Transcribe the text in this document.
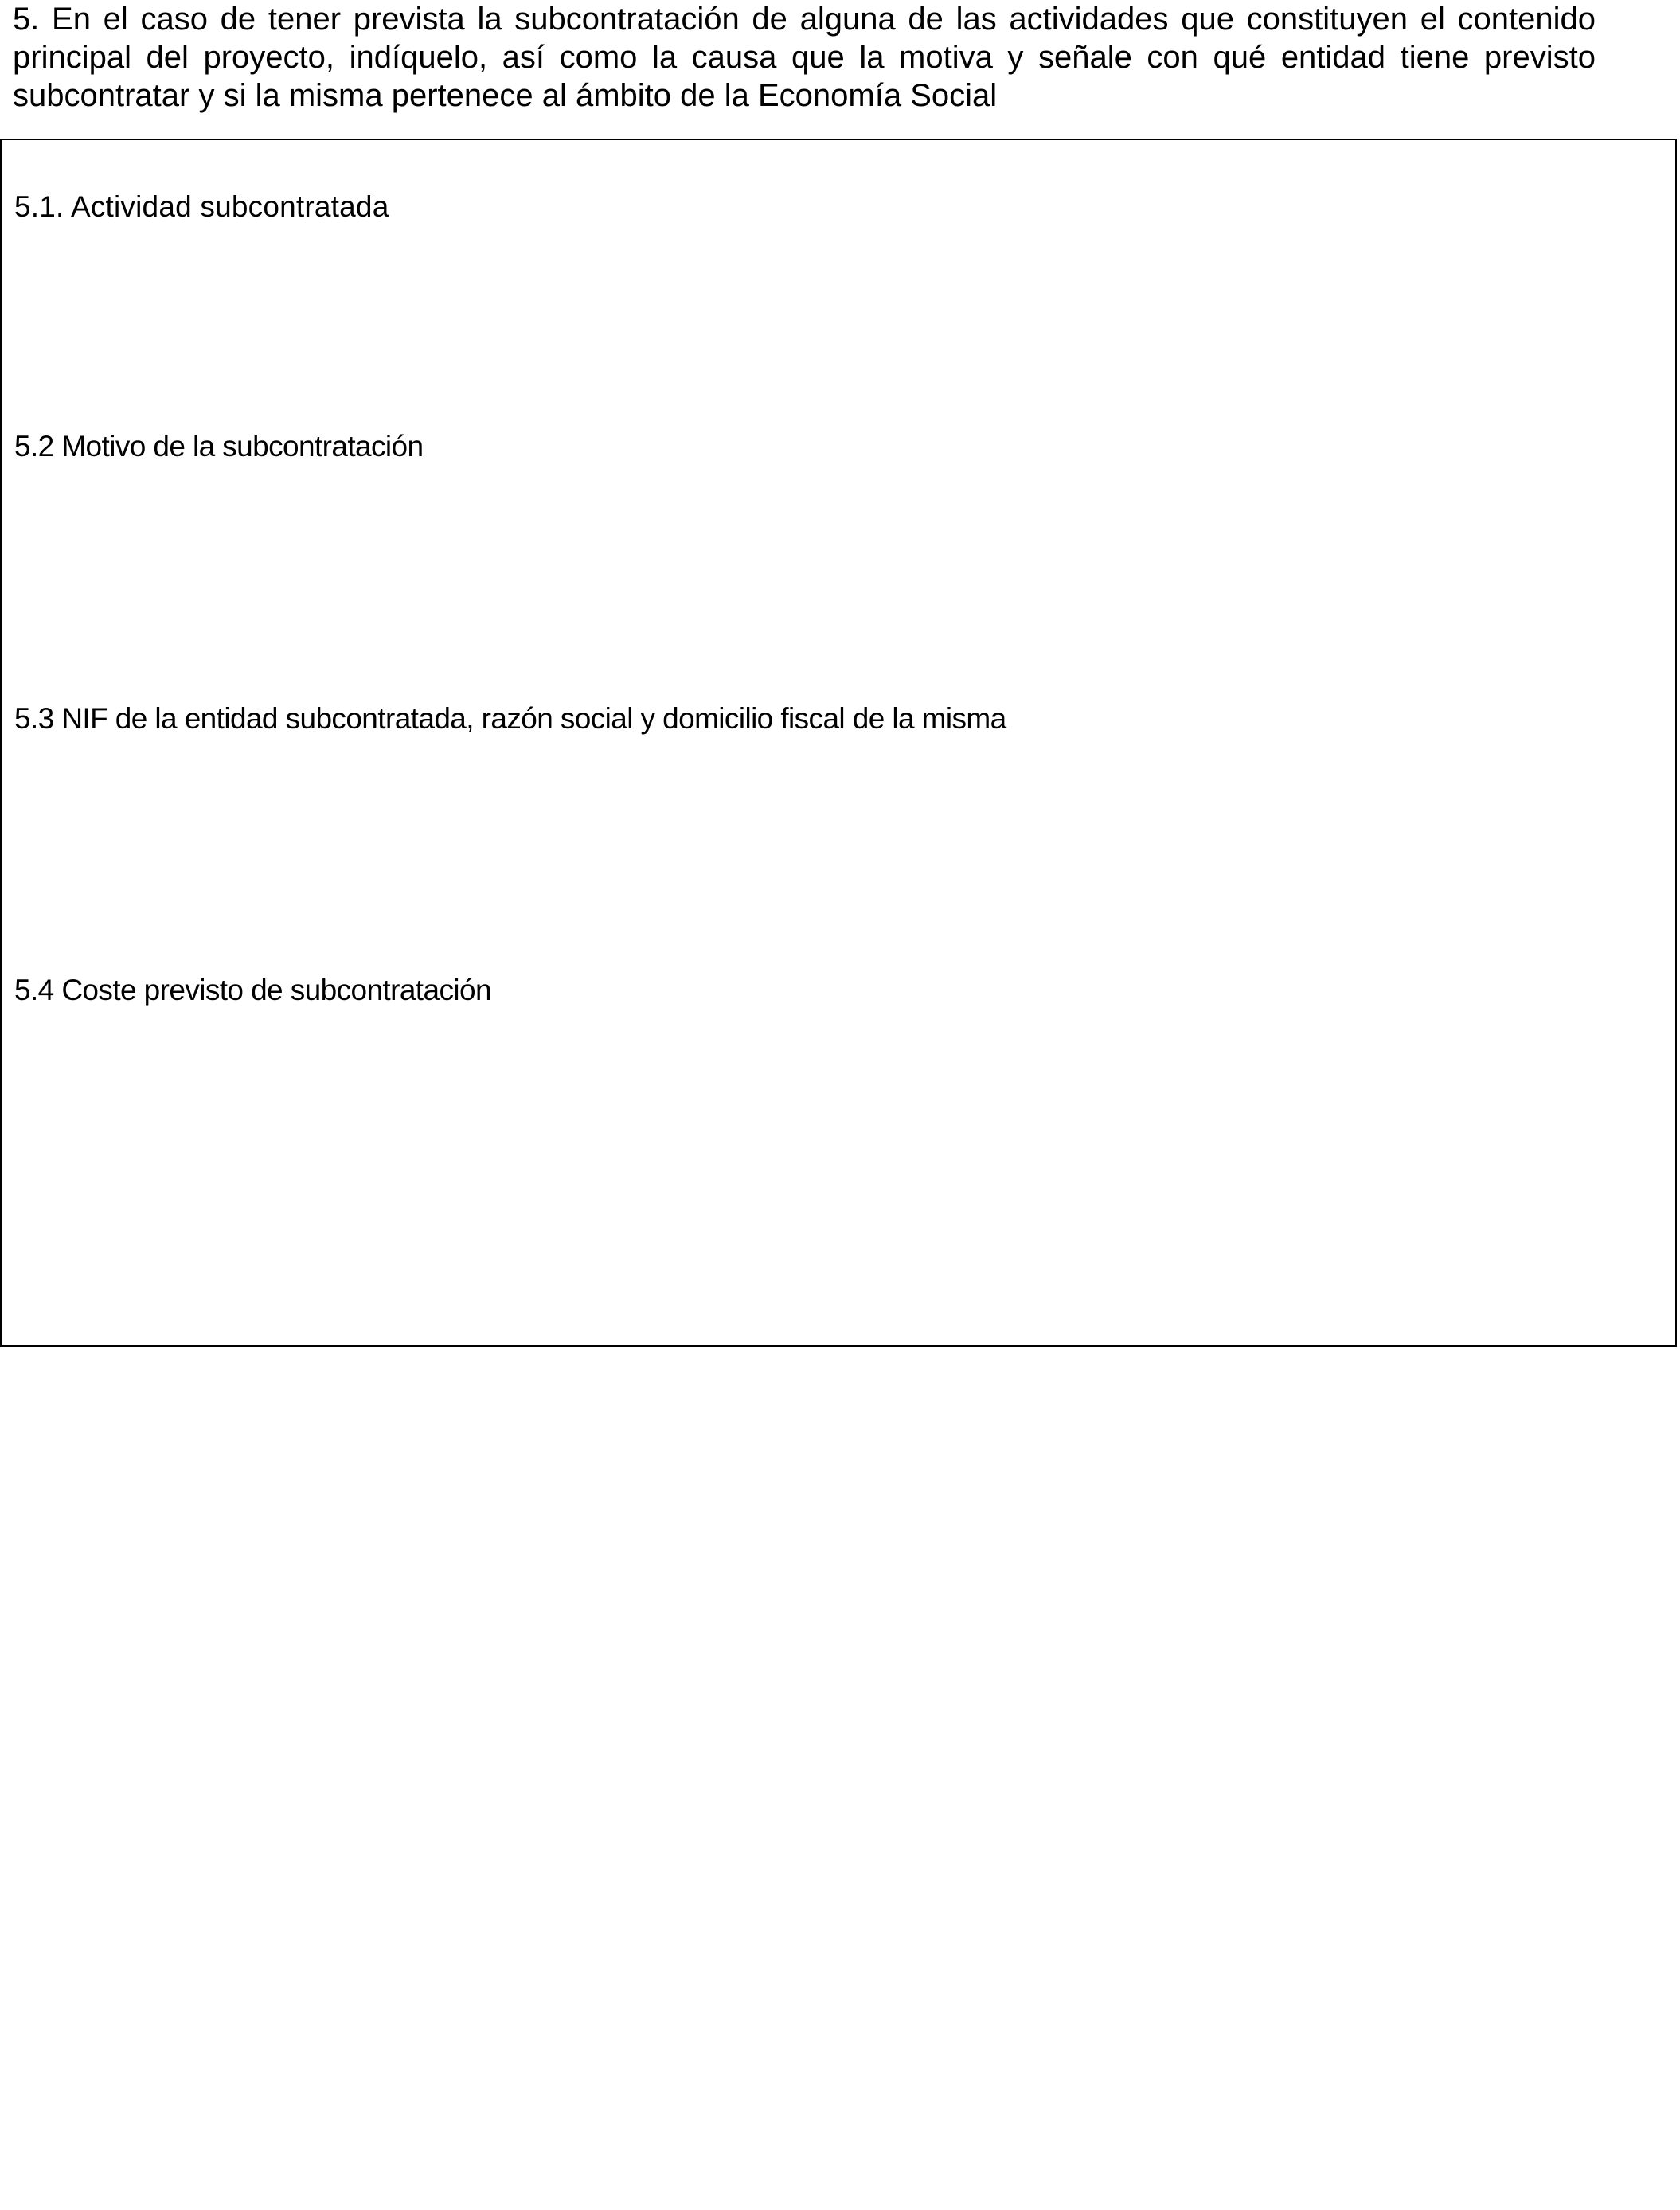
5. En el caso de tener prevista la subcontratación de alguna de las actividades que constituyen el contenido principal del proyecto, indíquelo, así como la causa que la motiva y señale con qué entidad tiene previsto subcontratar y si la misma pertenece al ámbito de la Economía Social

5.1. Actividad subcontratada

5.2 Motivo de la subcontratación

5.3 NIF de la entidad subcontratada, razón social y domicilio fiscal de la misma

5.4 Coste previsto de subcontratación
